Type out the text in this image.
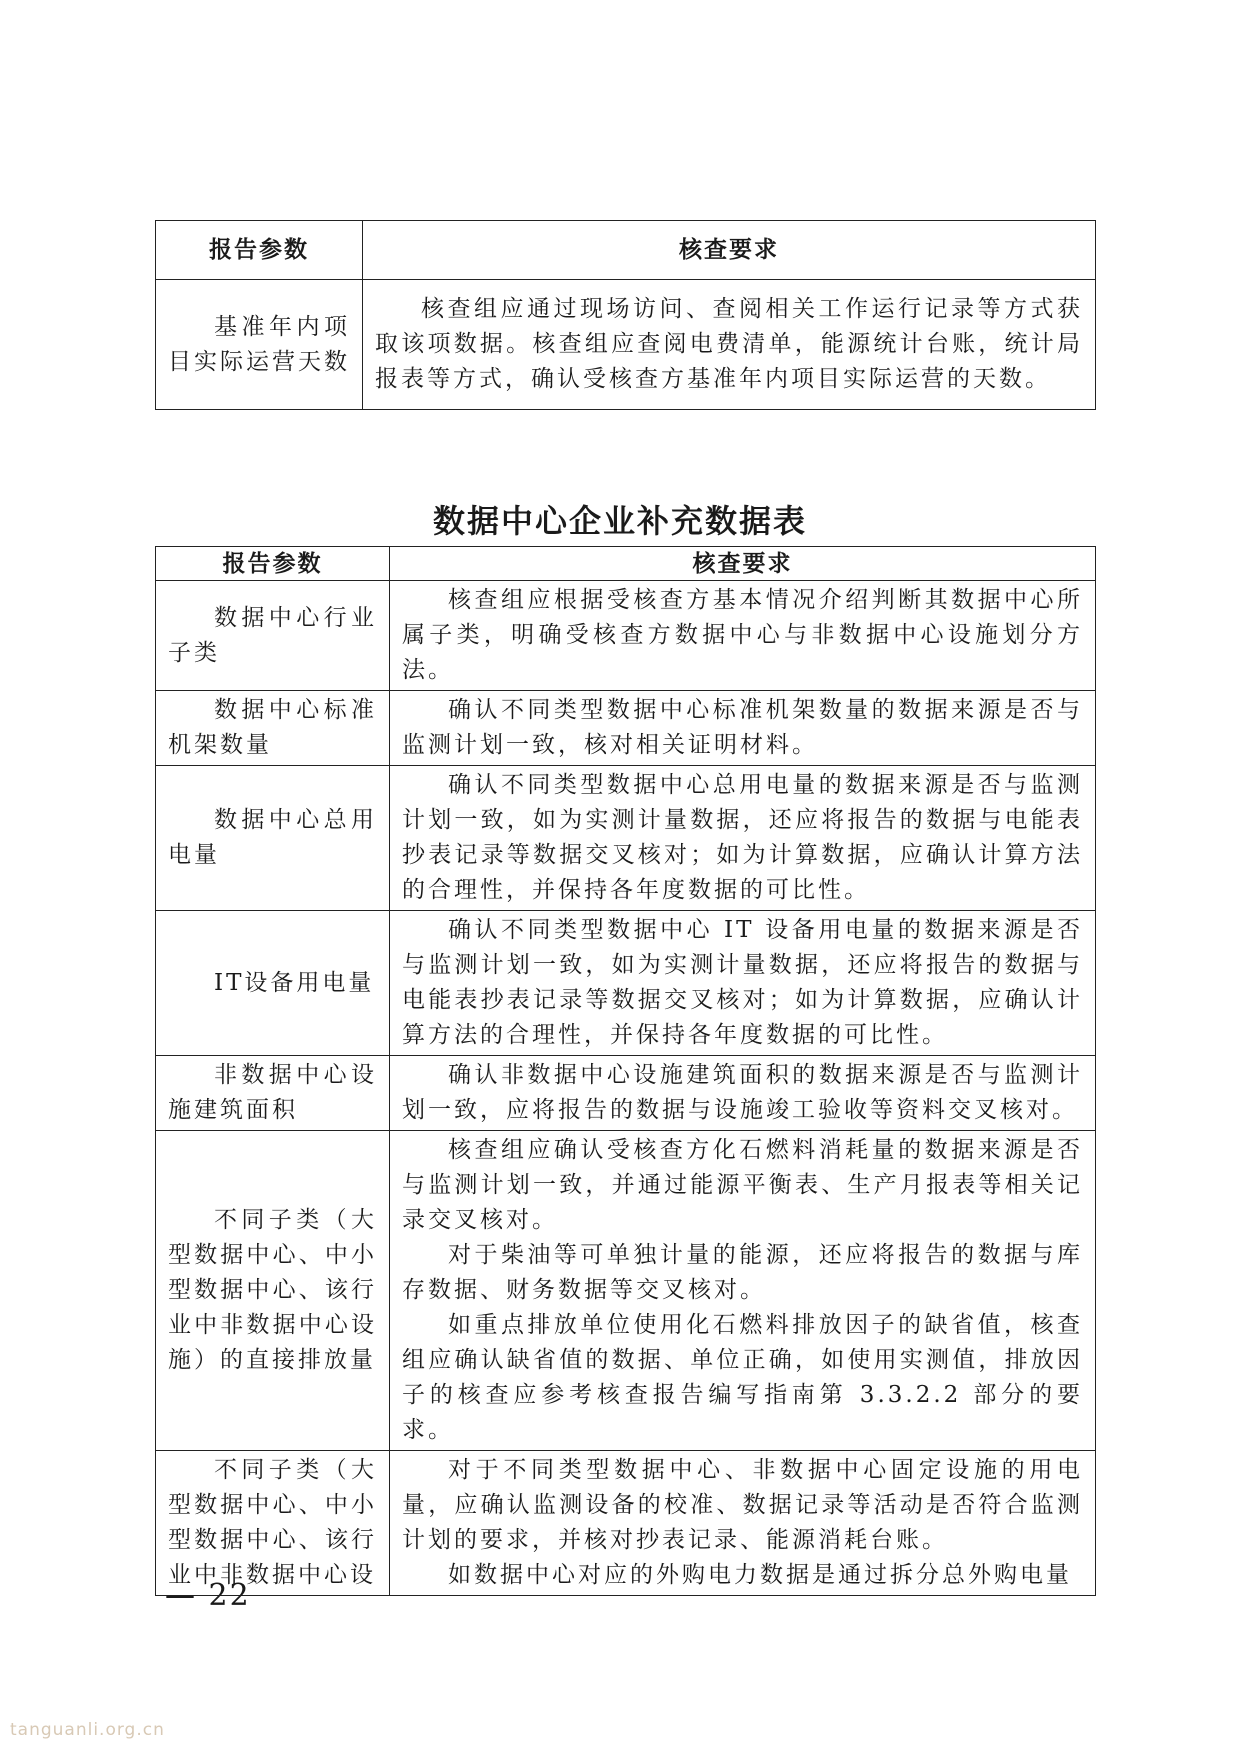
报告参数	核查要求
基准年内项目实际运营天数	核查组应通过现场访问、查阅相关工作运行记录等方式获取该项数据。核查组应查阅电费清单，能源统计台账，统计局报表等方式，确认受核查方基准年内项目实际运营的天数。

数据中心企业补充数据表
报告参数	核查要求
数据中心行业子类	核查组应根据受核查方基本情况介绍判断其数据中心所属子类，明确受核查方数据中心与非数据中心设施划分方法。

数据中心标准机架数量	确认不同类型数据中心标准机架数量的数据来源是否与监测计划一致，核对相关证明材料。

数据中心总用电量	确认不同类型数据中心总用电量的数据来源是否与监测计划一致，如为实测计量数据，还应将报告的数据与电能表抄表记录等数据交叉核对；如为计算数据，应确认计算方法的合理性，并保持各年度数据的可比性。

IT设备用电量	确认不同类型数据中心 IT 设备用电量的数据来源是否与监测计划一致，如为实测计量数据，还应将报告的数据与电能表抄表记录等数据交叉核对；如为计算数据，应确认计算方法的合理性，并保持各年度数据的可比性。

非数据中心设施建筑面积	确认非数据中心设施建筑面积的数据来源是否与监测计划一致，应将报告的数据与设施竣工验收等资料交叉核对。

不同子类（大型数据中心、中小型数据中心、该行业中非数据中心设施）的直接排放量	核查组应确认受核查方化石燃料消耗量的数据来源是否与监测计划一致，并通过能源平衡表、生产月报表等相关记录交叉核对。

对于柴油等可单独计量的能源，还应将报告的数据与库存数据、财务数据等交叉核对。

如重点排放单位使用化石燃料排放因子的缺省值，核查组应确认缺省值的数据、单位正确，如使用实测值，排放因子的核查应参考核查报告编写指南第 3.3.2.2 部分的要求。

不同子类（大型数据中心、中小型数据中心、该行业中非数据中心设	对于不同类型数据中心、非数据中心固定设施的用电量，应确认监测设备的校准、数据记录等活动是否符合监测计划的要求，并核对抄表记录、能源消耗台账。

如数据中心对应的外购电力数据是通过拆分总外购电量

— 22
tanguanli.org.cn
